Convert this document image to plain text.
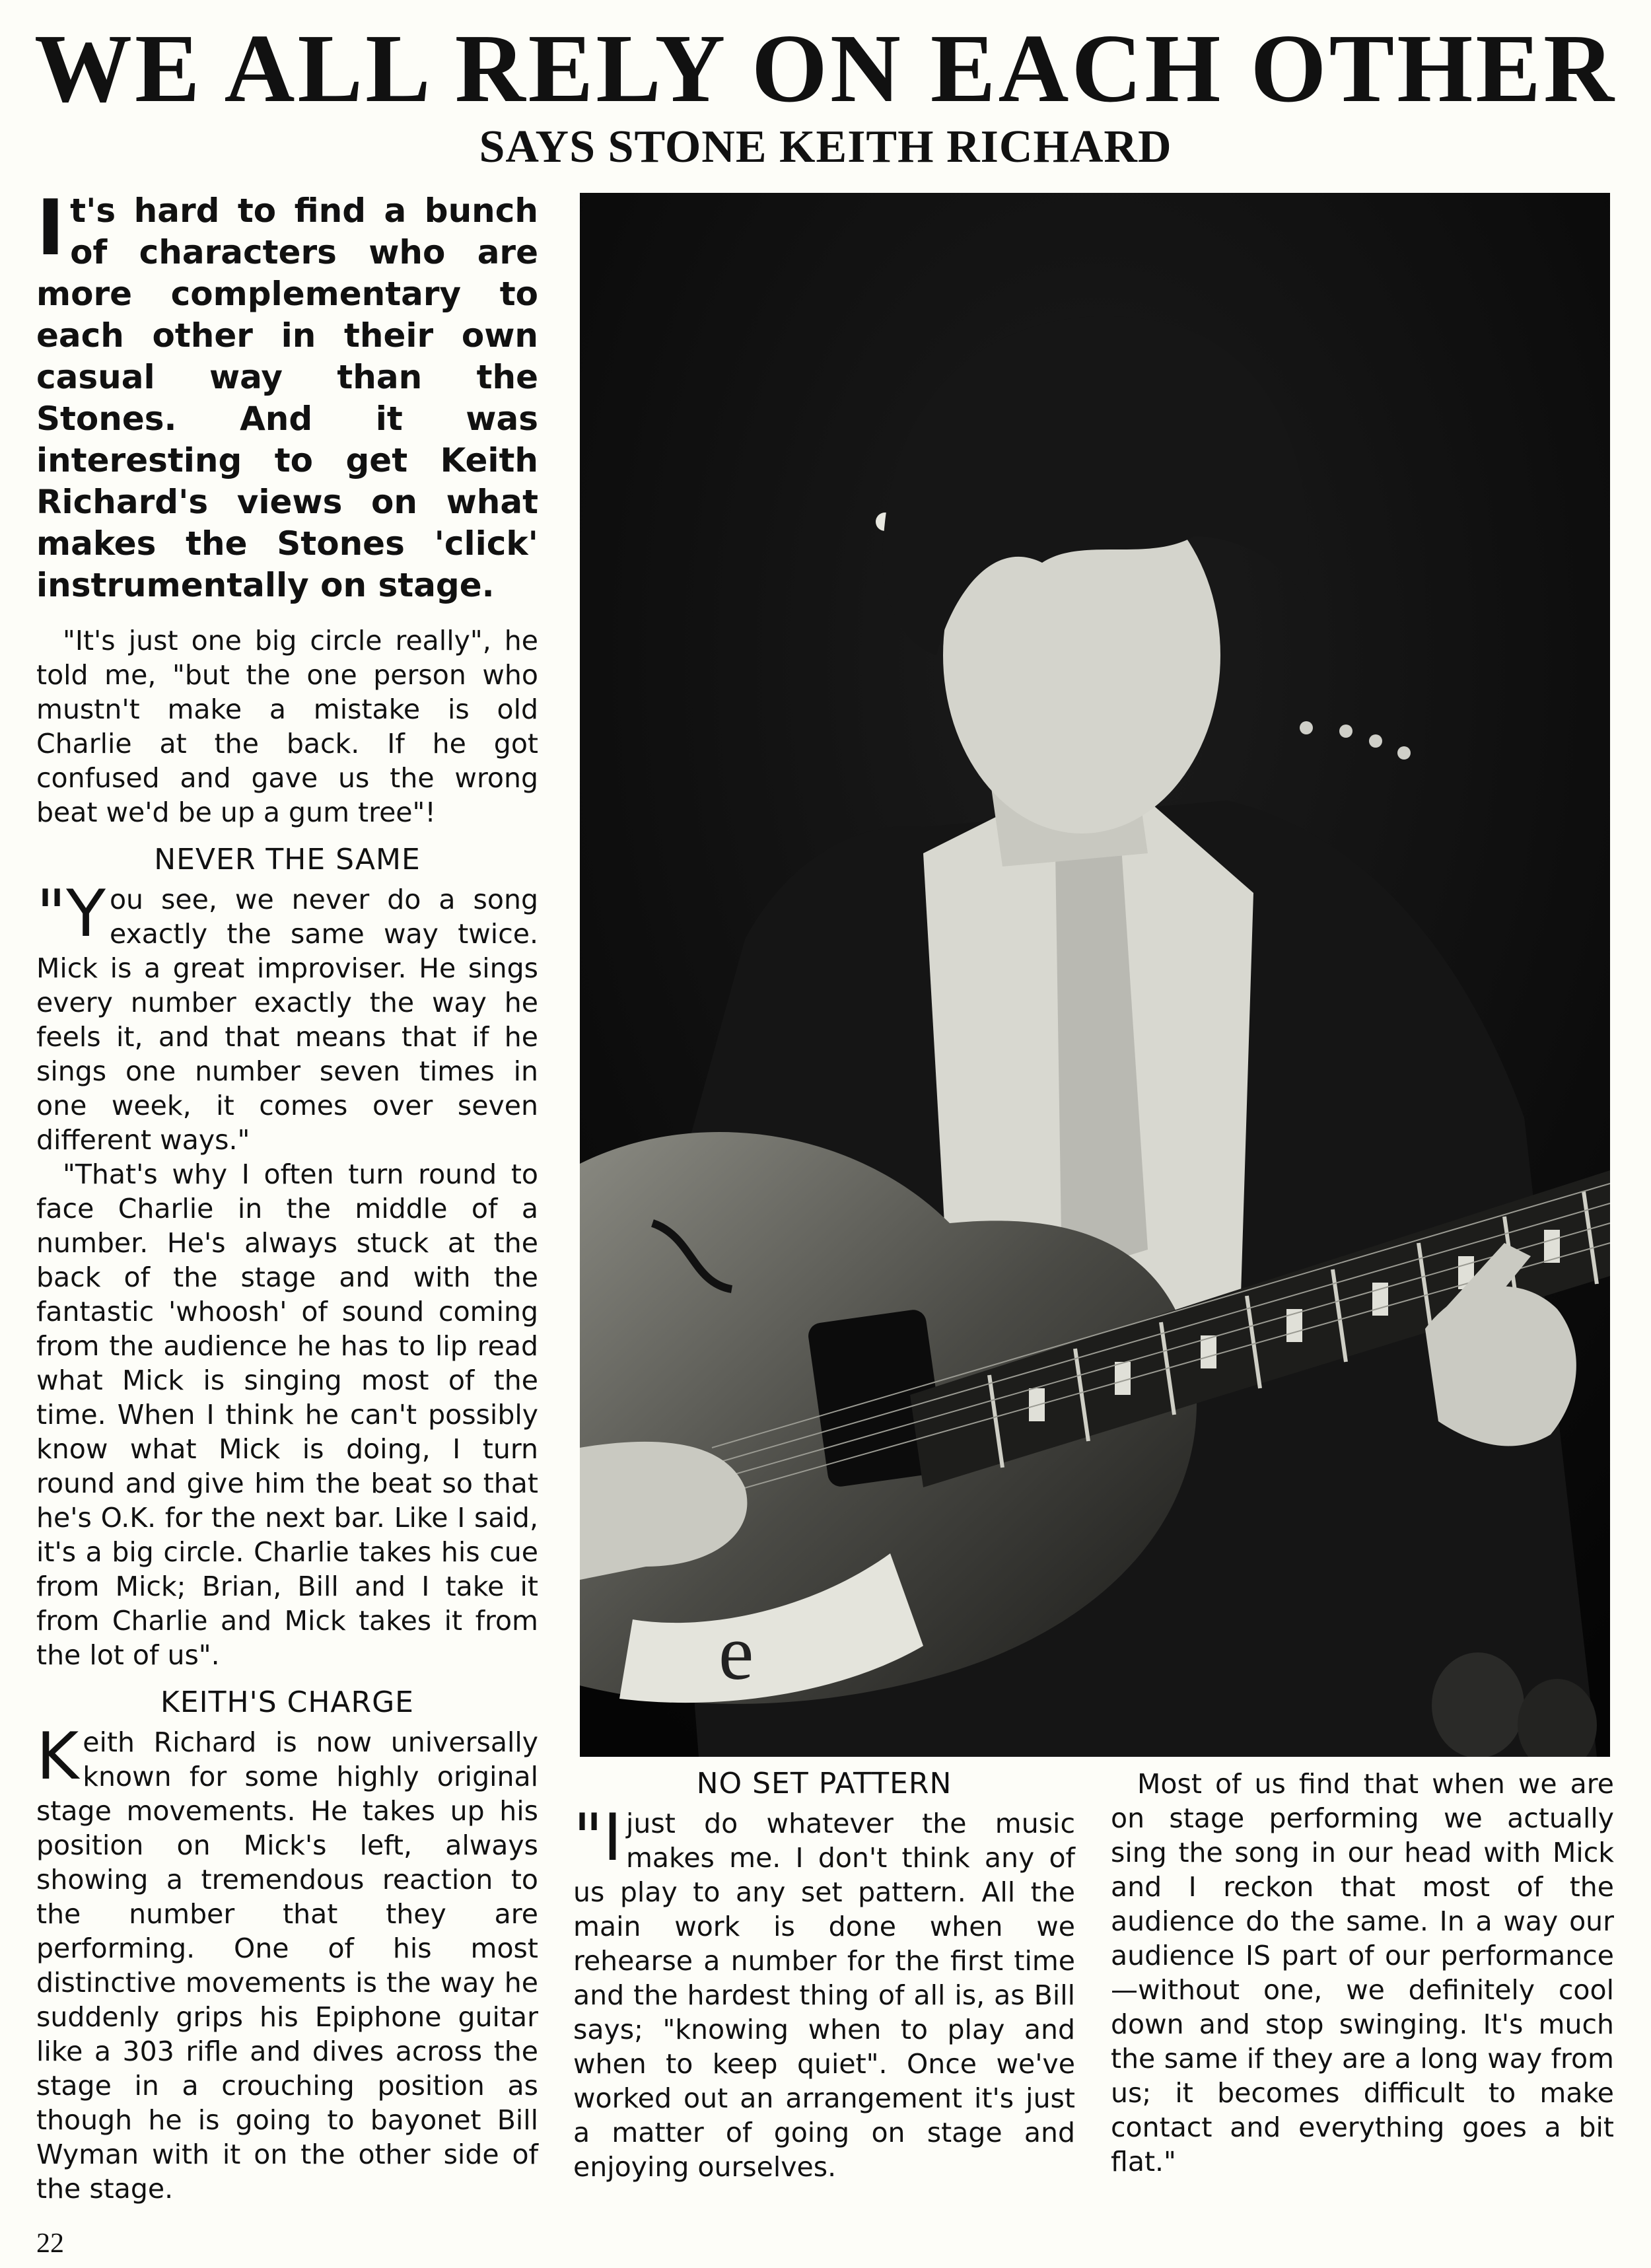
WE ALL RELY ON EACH OTHER
SAYS STONE KEITH RICHARD

It's hard to find a bunch of characters who are more complementary to each other in their own casual way than the Stones. And it was interesting to get Keith Richard's views on what makes the Stones 'click' instrumentally on stage.

"It's just one big circle really", he told me, "but the one person who mustn't make a mistake is old Charlie at the back. If he got confused and gave us the wrong beat we'd be up a gum tree"!

NEVER THE SAME

"You see, we never do a song exactly the same way twice. Mick is a great improviser. He sings every number exactly the way he feels it, and that means that if he sings one number seven times in one week, it comes over seven different ways."

"That's why I often turn round to face Charlie in the middle of a number. He's always stuck at the back of the stage and with the fantastic 'whoosh' of sound coming from the audience he has to lip read what Mick is singing most of the time. When I think he can't possibly know what Mick is doing, I turn round and give him the beat so that he's O.K. for the next bar. Like I said, it's a big circle. Charlie takes his cue from Mick; Brian, Bill and I take it from Charlie and Mick takes it from the lot of us".

KEITH'S CHARGE

Keith Richard is now universally known for some highly original stage movements. He takes up his position on Mick's left, always showing a tremendous reaction to the number that they are performing. One of his most distinctive movements is the way he suddenly grips his Epiphone guitar like a 303 rifle and dives across the stage in a crouching position as though he is going to bayonet Bill Wyman with it on the other side of the stage.

e
NO SET PATTERN

"I just do whatever the music makes me. I don't think any of us play to any set pattern. All the main work is done when we rehearse a number for the first time and the hardest thing of all is, as Bill says; "knowing when to play and when to keep quiet". Once we've worked out an arrangement it's just a matter of going on stage and enjoying ourselves.

Most of us find that when we are on stage performing we actually sing the song in our head with Mick and I reckon that most of the audience do the same. In a way our audience IS part of our performance—without one, we definitely cool down and stop swinging. It's much the same if they are a long way from us; it becomes difficult to make contact and everything goes a bit flat."

22
